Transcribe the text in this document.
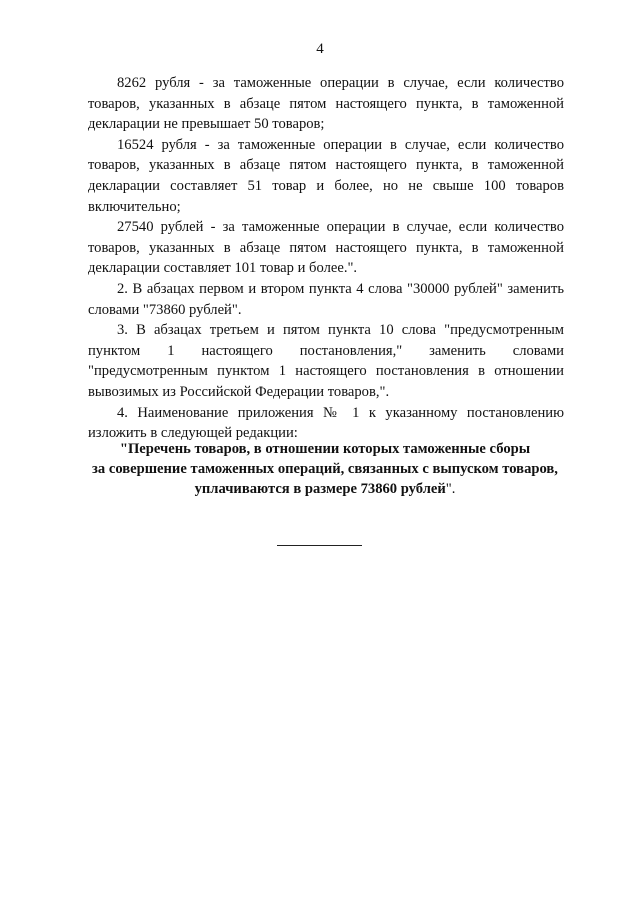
4

8262 рубля - за таможенные операции в случае, если количество товаров, указанных в абзаце пятом настоящего пункта, в таможенной декларации не превышает 50 товаров;

16524 рубля - за таможенные операции в случае, если количество товаров, указанных в абзаце пятом настоящего пункта, в таможенной декларации составляет 51 товар и более, но не свыше 100 товаров включительно;

27540 рублей - за таможенные операции в случае, если количество товаров, указанных в абзаце пятом настоящего пункта, в таможенной декларации составляет 101 товар и более.".

2. В абзацах первом и втором пункта 4 слова "30000 рублей" заменить словами "73860 рублей".

3. В абзацах третьем и пятом пункта 10 слова "предусмотренным пунктом 1 настоящего постановления," заменить словами "предусмотренным пунктом 1 настоящего постановления в отношении вывозимых из Российской Федерации товаров,".

4. Наименование приложения № 1 к указанному постановлению изложить в следующей редакции:

"Перечень товаров, в отношении которых таможенные сборы
за совершение таможенных операций, связанных с выпуском товаров,
уплачиваются в размере 73860 рублей".
